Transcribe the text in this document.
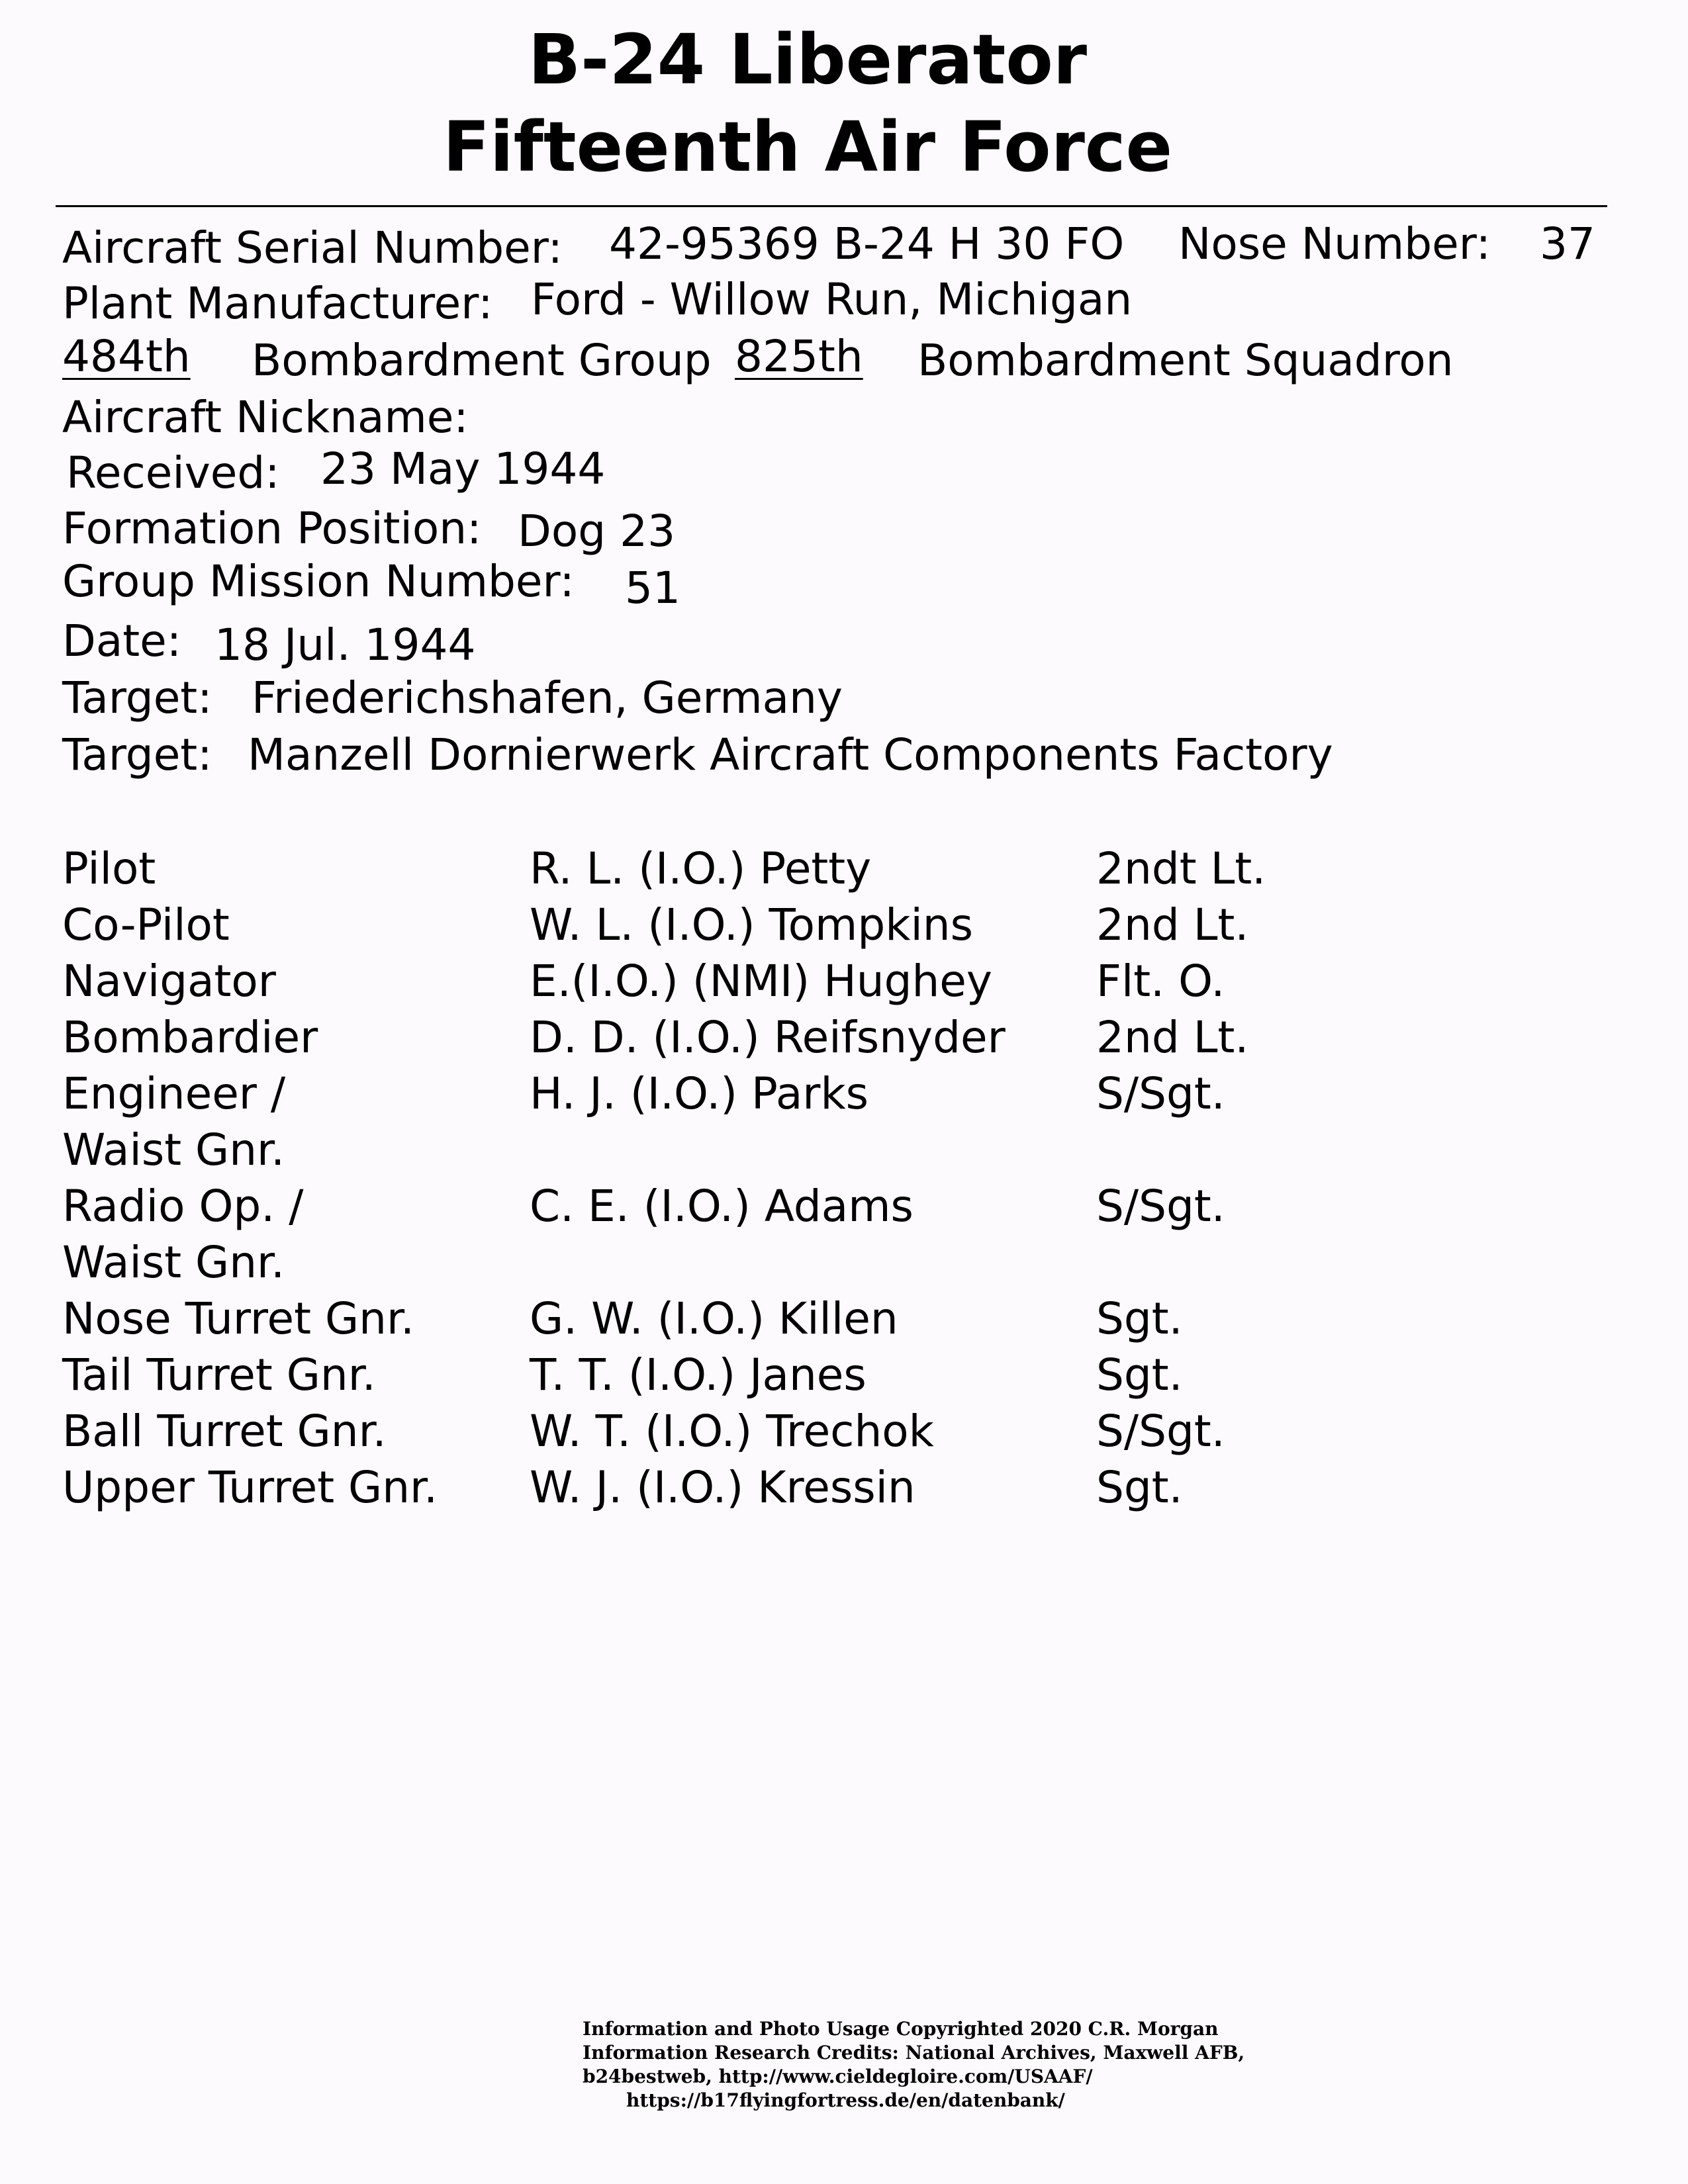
B-24 Liberator
Fifteenth Air Force
Aircraft Serial Number: 42-95369 B-24 H 30 FO Nose Number: 37
Plant Manufacturer: Ford - Willow Run, Michigan
484th	Bombardment Group 825th	Bombardment Squadron
Aircraft Nickname:
Received: 23 May 1944
Formation Position: Dog 23
Group Mission Number: 51
Date: 18 Jul. 1944
Target: Friederichshafen, Germany
Target: Manzell Dornierwerk Aircraft Components Factory
Pilot	R. L. (I.O.) Petty	2ndt Lt.
Co-Pilot	W. L. (I.O.) Tompkins	2nd Lt.
Navigator	E.(I.O.) (NMI) Hughey Flt. O.
Bombardier	D. D. (I.O.) Reifsnyder 2nd Lt.
Engineer /
Waist Gnr.
H. J. (I.O.) Parks	S/Sgt.
Radio Op. /
Waist Gnr.
C. E. (I.O.) Adams	S/Sgt.
Nose Turret Gnr.	G. W. (I.O.) Killen	Sgt.
Tail Turret Gnr.	T. T. (I.O.) Janes	Sgt.
Ball Turret Gnr.	W. T. (I.O.) Trechok	S/Sgt.
Upper Turret Gnr. W. J. (I.O.) Kressin	Sgt.
Information and Photo Usage Copyrighted 2020 C.R. Morgan
Information Research Credits: National Archives, Maxwell AFB,
b24bestweb, http://www.cieldegloire.com/USAAF/
https://b17flyingfortress.de/en/datenbank/
